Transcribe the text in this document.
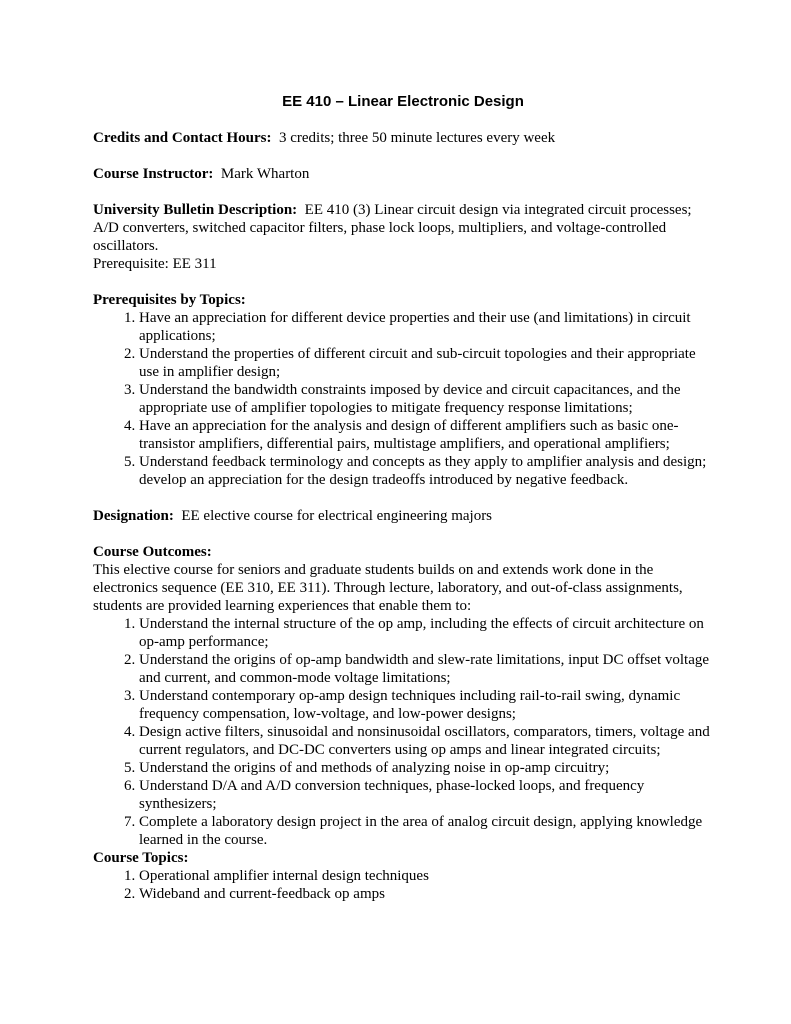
EE 410 – Linear Electronic Design

Credits and Contact Hours: 3 credits; three 50 minute lectures every week

Course Instructor: Mark Wharton

University Bulletin Description: EE 410 (3) Linear circuit design via integrated circuit processes; A/D converters, switched capacitor filters, phase lock loops, multipliers, and voltage-controlled oscillators.

Prerequisite: EE 311

Prerequisites by Topics:
1. Have an appreciation for different device properties and their use (and limitations) in circuit applications;
2. Understand the properties of different circuit and sub-circuit topologies and their appropriate use in amplifier design;
3. Understand the bandwidth constraints imposed by device and circuit capacitances, and the appropriate use of amplifier topologies to mitigate frequency response limitations;
4. Have an appreciation for the analysis and design of different amplifiers such as basic one-transistor amplifiers, differential pairs, multistage amplifiers, and operational amplifiers;
5. Understand feedback terminology and concepts as they apply to amplifier analysis and design; develop an appreciation for the design tradeoffs introduced by negative feedback.

Designation: EE elective course for electrical engineering majors

Course Outcomes:

This elective course for seniors and graduate students builds on and extends work done in the electronics sequence (EE 310, EE 311). Through lecture, laboratory, and out-of-class assignments, students are provided learning experiences that enable them to:

1. Understand the internal structure of the op amp, including the effects of circuit architecture on op-amp performance;
2. Understand the origins of op-amp bandwidth and slew-rate limitations, input DC offset voltage and current, and common-mode voltage limitations;
3. Understand contemporary op-amp design techniques including rail-to-rail swing, dynamic frequency compensation, low-voltage, and low-power designs;
4. Design active filters, sinusoidal and nonsinusoidal oscillators, comparators, timers, voltage and current regulators, and DC-DC converters using op amps and linear integrated circuits;
5. Understand the origins of and methods of analyzing noise in op-amp circuitry;
6. Understand D/A and A/D conversion techniques, phase-locked loops, and frequency synthesizers;
7. Complete a laboratory design project in the area of analog circuit design, applying knowledge learned in the course.
Course Topics:
1. Operational amplifier internal design techniques
2. Wideband and current-feedback op amps
